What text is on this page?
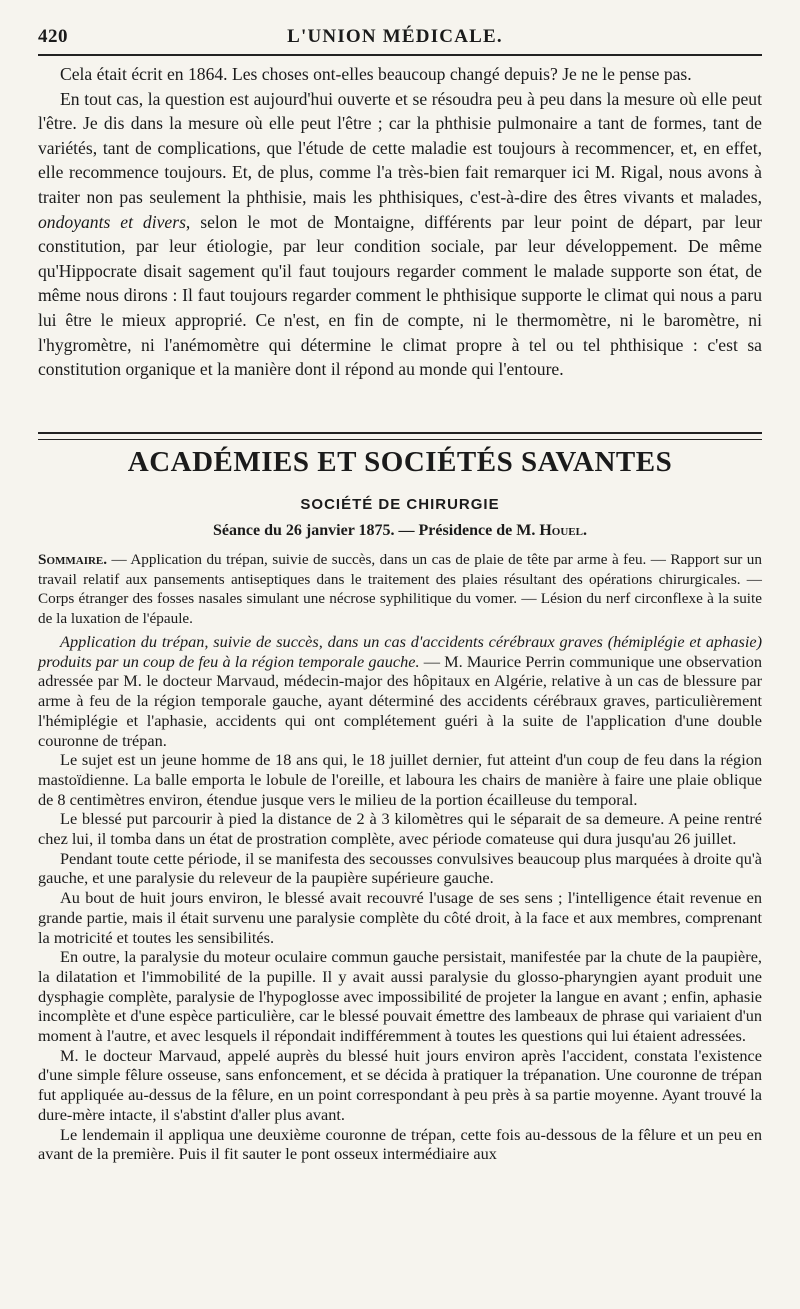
420	L'UNION MÉDICALE.

Cela était écrit en 1864. Les choses ont-elles beaucoup changé depuis? Je ne le pense pas.

En tout cas, la question est aujourd'hui ouverte et se résoudra peu à peu dans la mesure où elle peut l'être. Je dis dans la mesure où elle peut l'être ; car la phthisie pulmonaire a tant de formes, tant de variétés, tant de complications, que l'étude de cette maladie est toujours à recommencer, et, en effet, elle recommence toujours. Et, de plus, comme l'a très-bien fait remarquer ici M. Rigal, nous avons à traiter non pas seulement la phthisie, mais les phthisiques, c'est-à-dire des êtres vivants et malades, ondoyants et divers, selon le mot de Montaigne, différents par leur point de départ, par leur constitution, par leur étiologie, par leur condition sociale, par leur développement. De même qu'Hippocrate disait sagement qu'il faut toujours regarder comment le malade supporte son état, de même nous dirons : Il faut toujours regarder comment le phthisique supporte le climat qui nous a paru lui être le mieux approprié. Ce n'est, en fin de compte, ni le thermomètre, ni le baromètre, ni l'hygromètre, ni l'anémomètre qui détermine le climat propre à tel ou tel phthisique : c'est sa constitution organique et la manière dont il répond au monde qui l'entoure.

ACADÉMIES ET SOCIÉTÉS SAVANTES
SOCIÉTÉ DE CHIRURGIE
Séance du 26 janvier 1875. — Présidence de M. Houel.
Sommaire. — Application du trépan, suivie de succès, dans un cas de plaie de tête par arme à feu. — Rapport sur un travail relatif aux pansements antiseptiques dans le traitement des plaies résultant des opérations chirurgicales. — Corps étranger des fosses nasales simulant une nécrose syphilitique du vomer. — Lésion du nerf circonflexe à la suite de la luxation de l'épaule.

Application du trépan, suivie de succès, dans un cas d'accidents cérébraux graves (hémiplégie et aphasie) produits par un coup de feu à la région temporale gauche. — M. Maurice Perrin communique une observation adressée par M. le docteur Marvaud, médecin-major des hôpitaux en Algérie, relative à un cas de blessure par arme à feu de la région temporale gauche, ayant déterminé des accidents cérébraux graves, particulièrement l'hémiplégie et l'aphasie, accidents qui ont complétement guéri à la suite de l'application d'une double couronne de trépan.

Le sujet est un jeune homme de 18 ans qui, le 18 juillet dernier, fut atteint d'un coup de feu dans la région mastoïdienne. La balle emporta le lobule de l'oreille, et laboura les chairs de manière à faire une plaie oblique de 8 centimètres environ, étendue jusque vers le milieu de la portion écailleuse du temporal.

Le blessé put parcourir à pied la distance de 2 à 3 kilomètres qui le séparait de sa demeure. A peine rentré chez lui, il tomba dans un état de prostration complète, avec période comateuse qui dura jusqu'au 26 juillet.

Pendant toute cette période, il se manifesta des secousses convulsives beaucoup plus marquées à droite qu'à gauche, et une paralysie du releveur de la paupière supérieure gauche.

Au bout de huit jours environ, le blessé avait recouvré l'usage de ses sens ; l'intelligence était revenue en grande partie, mais il était survenu une paralysie complète du côté droit, à la face et aux membres, comprenant la motricité et toutes les sensibilités.

En outre, la paralysie du moteur oculaire commun gauche persistait, manifestée par la chute de la paupière, la dilatation et l'immobilité de la pupille. Il y avait aussi paralysie du glosso-pharyngien ayant produit une dysphagie complète, paralysie de l'hypoglosse avec impossibilité de projeter la langue en avant ; enfin, aphasie incomplète et d'une espèce particulière, car le blessé pouvait émettre des lambeaux de phrase qui variaient d'un moment à l'autre, et avec lesquels il répondait indifféremment à toutes les questions qui lui étaient adressées.

M. le docteur Marvaud, appelé auprès du blessé huit jours environ après l'accident, constata l'existence d'une simple fêlure osseuse, sans enfoncement, et se décida à pratiquer la trépanation. Une couronne de trépan fut appliquée au-dessus de la fêlure, en un point correspondant à peu près à sa partie moyenne. Ayant trouvé la dure-mère intacte, il s'abstint d'aller plus avant.

Le lendemain il appliqua une deuxième couronne de trépan, cette fois au-dessous de la fêlure et un peu en avant de la première. Puis il fit sauter le pont osseux intermédiaire aux
